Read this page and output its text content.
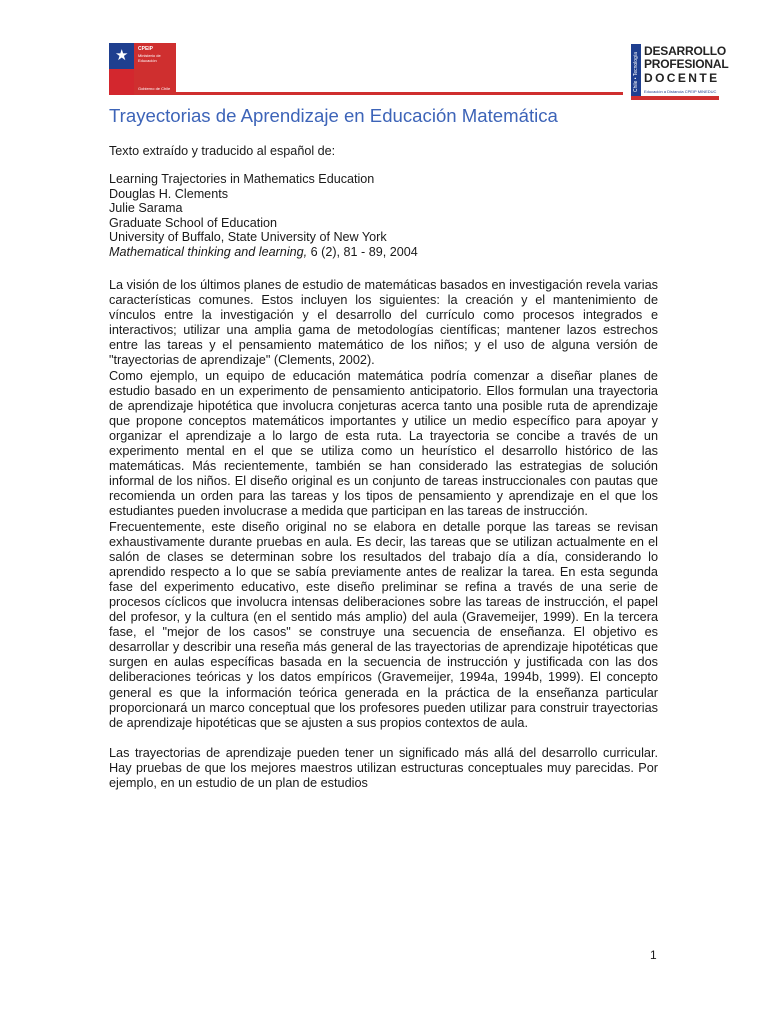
★ CPEIP
Ministerio de
Educación
Gobierno de Chile	Chile • Tecnología
DESARROLLO
PROFESIONAL
DOCENTE
Educación a Distancia CPEIP MINEDUC
Trayectorias de Aprendizaje en Educación Matemática
Texto extraído y traducido al español de:
Learning Trajectories in Mathematics Education
Douglas H. Clements
Julie Sarama
Graduate School of Education
University of Buffalo, State University of New York
Mathematical thinking and learning, 6 (2), 81 - 89, 2004

La visión de los últimos planes de estudio de matemáticas basados en investigación revela varias características comunes. Estos incluyen los siguientes: la creación y el mantenimiento de vínculos entre la investigación y el desarrollo del currículo como procesos integrados e interactivos; utilizar una amplia gama de metodologías científicas; mantener lazos estrechos entre las tareas y el pensamiento matemático de los niños; y el uso de alguna versión de "trayectorias de aprendizaje" (Clements, 2002).

Como ejemplo, un equipo de educación matemática podría comenzar a diseñar planes de estudio basado en un experimento de pensamiento anticipatorio. Ellos formulan una trayectoria de aprendizaje hipotética que involucra conjeturas acerca tanto una posible ruta de aprendizaje que propone conceptos matemáticos importantes y utilice un medio específico para apoyar y organizar el aprendizaje a lo largo de esta ruta. La trayectoria se concibe a través de un experimento mental en el que se utiliza como un heurístico el desarrollo histórico de las matemáticas. Más recientemente, también se han considerado las estrategias de solución informal de los niños. El diseño original es un conjunto de tareas instruccionales con pautas que recomienda un orden para las tareas y los tipos de pensamiento y aprendizaje en el que los estudiantes pueden involucrase a medida que participan en las tareas de instrucción.

Frecuentemente, este diseño original no se elabora en detalle porque las tareas se revisan exhaustivamente durante pruebas en aula. Es decir, las tareas que se utilizan actualmente en el salón de clases se determinan sobre los resultados del trabajo día a día, considerando lo aprendido respecto a lo que se sabía previamente antes de realizar la tarea. En esta segunda fase del experimento educativo, este diseño preliminar se refina a través de una serie de procesos cíclicos que involucra intensas deliberaciones sobre las tareas de instrucción, el papel del profesor, y la cultura (en el sentido más amplio) del aula (Gravemeijer, 1999). En la tercera fase, el "mejor de los casos" se construye una secuencia de enseñanza. El objetivo es desarrollar y describir una reseña más general de las trayectorias de aprendizaje hipotéticas que surgen en aulas específicas basada en la secuencia de instrucción y justificada con las dos deliberaciones teóricas y los datos empíricos (Gravemeijer, 1994a, 1994b, 1999). El concepto general es que la información teórica generada en la práctica de la enseñanza particular proporcionará un marco conceptual que los profesores pueden utilizar para construir trayectorias de aprendizaje hipotéticas que se ajusten a sus propios contextos de aula.

Las trayectorias de aprendizaje pueden tener un significado más allá del desarrollo curricular. Hay pruebas de que los mejores maestros utilizan estructuras conceptuales muy parecidas. Por ejemplo, en un estudio de un plan de estudios

1
